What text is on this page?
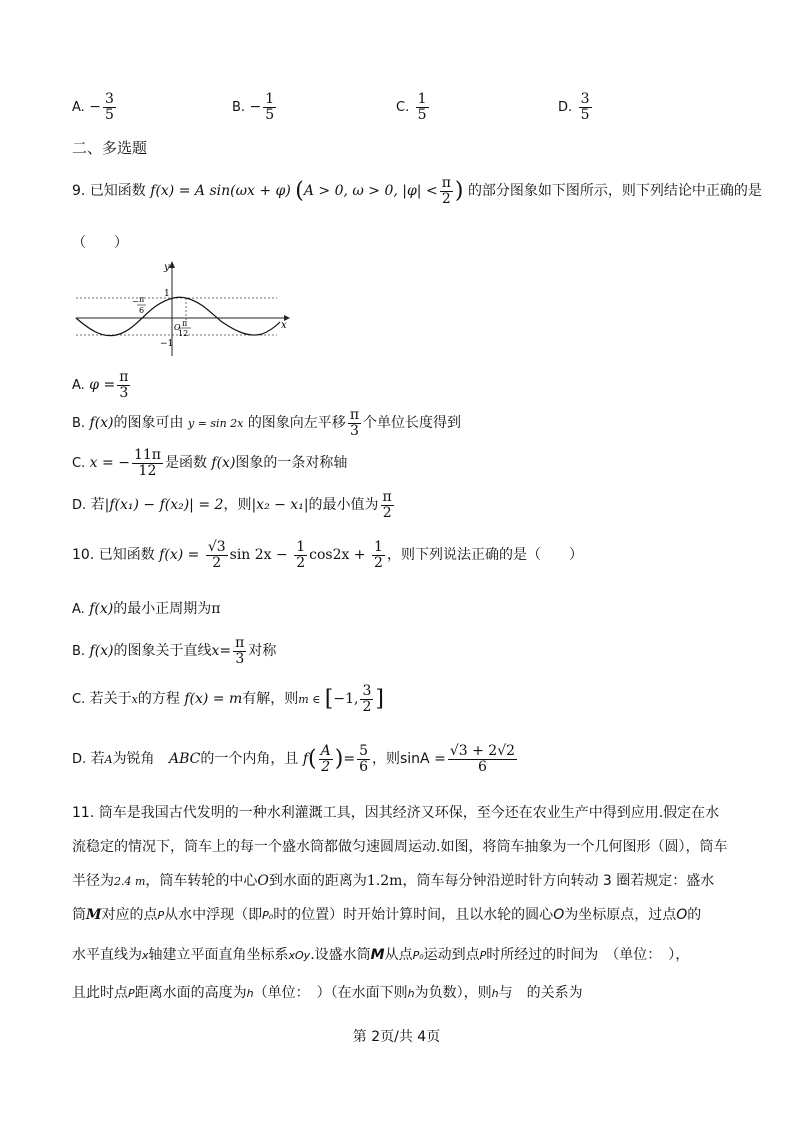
A. − $\frac{3}{5}$	B. − $\frac{1}{5}$	C. $\frac{1}{5}$	D. $\frac{3}{5}$
二、多选题
9. 已知函数 f(x) = A sin(ωx + φ) (A > 0, ω > 0, $|\varphi| < \frac{\pi}{2}$ ) 的部分图象如下图所示，则下列结论中正确的是
（　　）
y
x
1
−1
O
− π
6
π
12
A. $\varphi = \frac{\pi}{3}$
B. f(x)的图象可由 y = sin 2x 的图象向左平移 $\frac{\pi}{3}$ 个单位长度得到
C. x = − $\frac{11\pi}{12}$ 是函数 f(x)图象的一条对称轴
D. 若|f(x₁) − f(x₂)| = 2，则|x₂ − x₁|的最小值为 $\frac{\pi}{2}$
10. 已知函数 $f(x) = \frac{√3}{2}$ $\sin 2x - \frac{1}{2} \cos 2x + \frac{1}{2}$ ，则下列说法正确的是（　　）
A. f(x)的最小正周期为π
B. f(x)的图象关于直线$x= \frac{\pi}{3}$ 对称
C. 若关于x的方程 f(x) = m有解，则m ∈ [−1, $\frac{3}{2}$ ]
D. 若A为锐角 ABC的一个内角，且 $f( \frac{A}{2}$ )= $\frac{5}{6}$ ，则$\sin A = \frac{√3 + 2√2}{6}$
11. 筒车是我国古代发明的一种水利灌溉工具，因其经济又环保，至今还在农业生产中得到应用.假定在水
流稳定的情况下，筒车上的每一个盛水筒都做匀速圆周运动.如图，将筒车抽象为一个几何图形（圆），筒车
半径为2.4 m，筒车转轮的中心O到水面的距离为1.2m，筒车每分钟沿逆时针方向转动 3 圈若规定：盛水
筒M对应的点P从水中浮现（即P₀时的位置）时开始计算时间，且以水轮的圆心O为坐标原点，过点O的
水平直线为x轴建立平面直角坐标系xOy.设盛水筒M从点P₀运动到点P时所经过的时间为　（单位：　），
且此时点P距离水面的高度为h（单位：　）（在水面下则h为负数），则h与　的关系为
第 2页/共 4页
